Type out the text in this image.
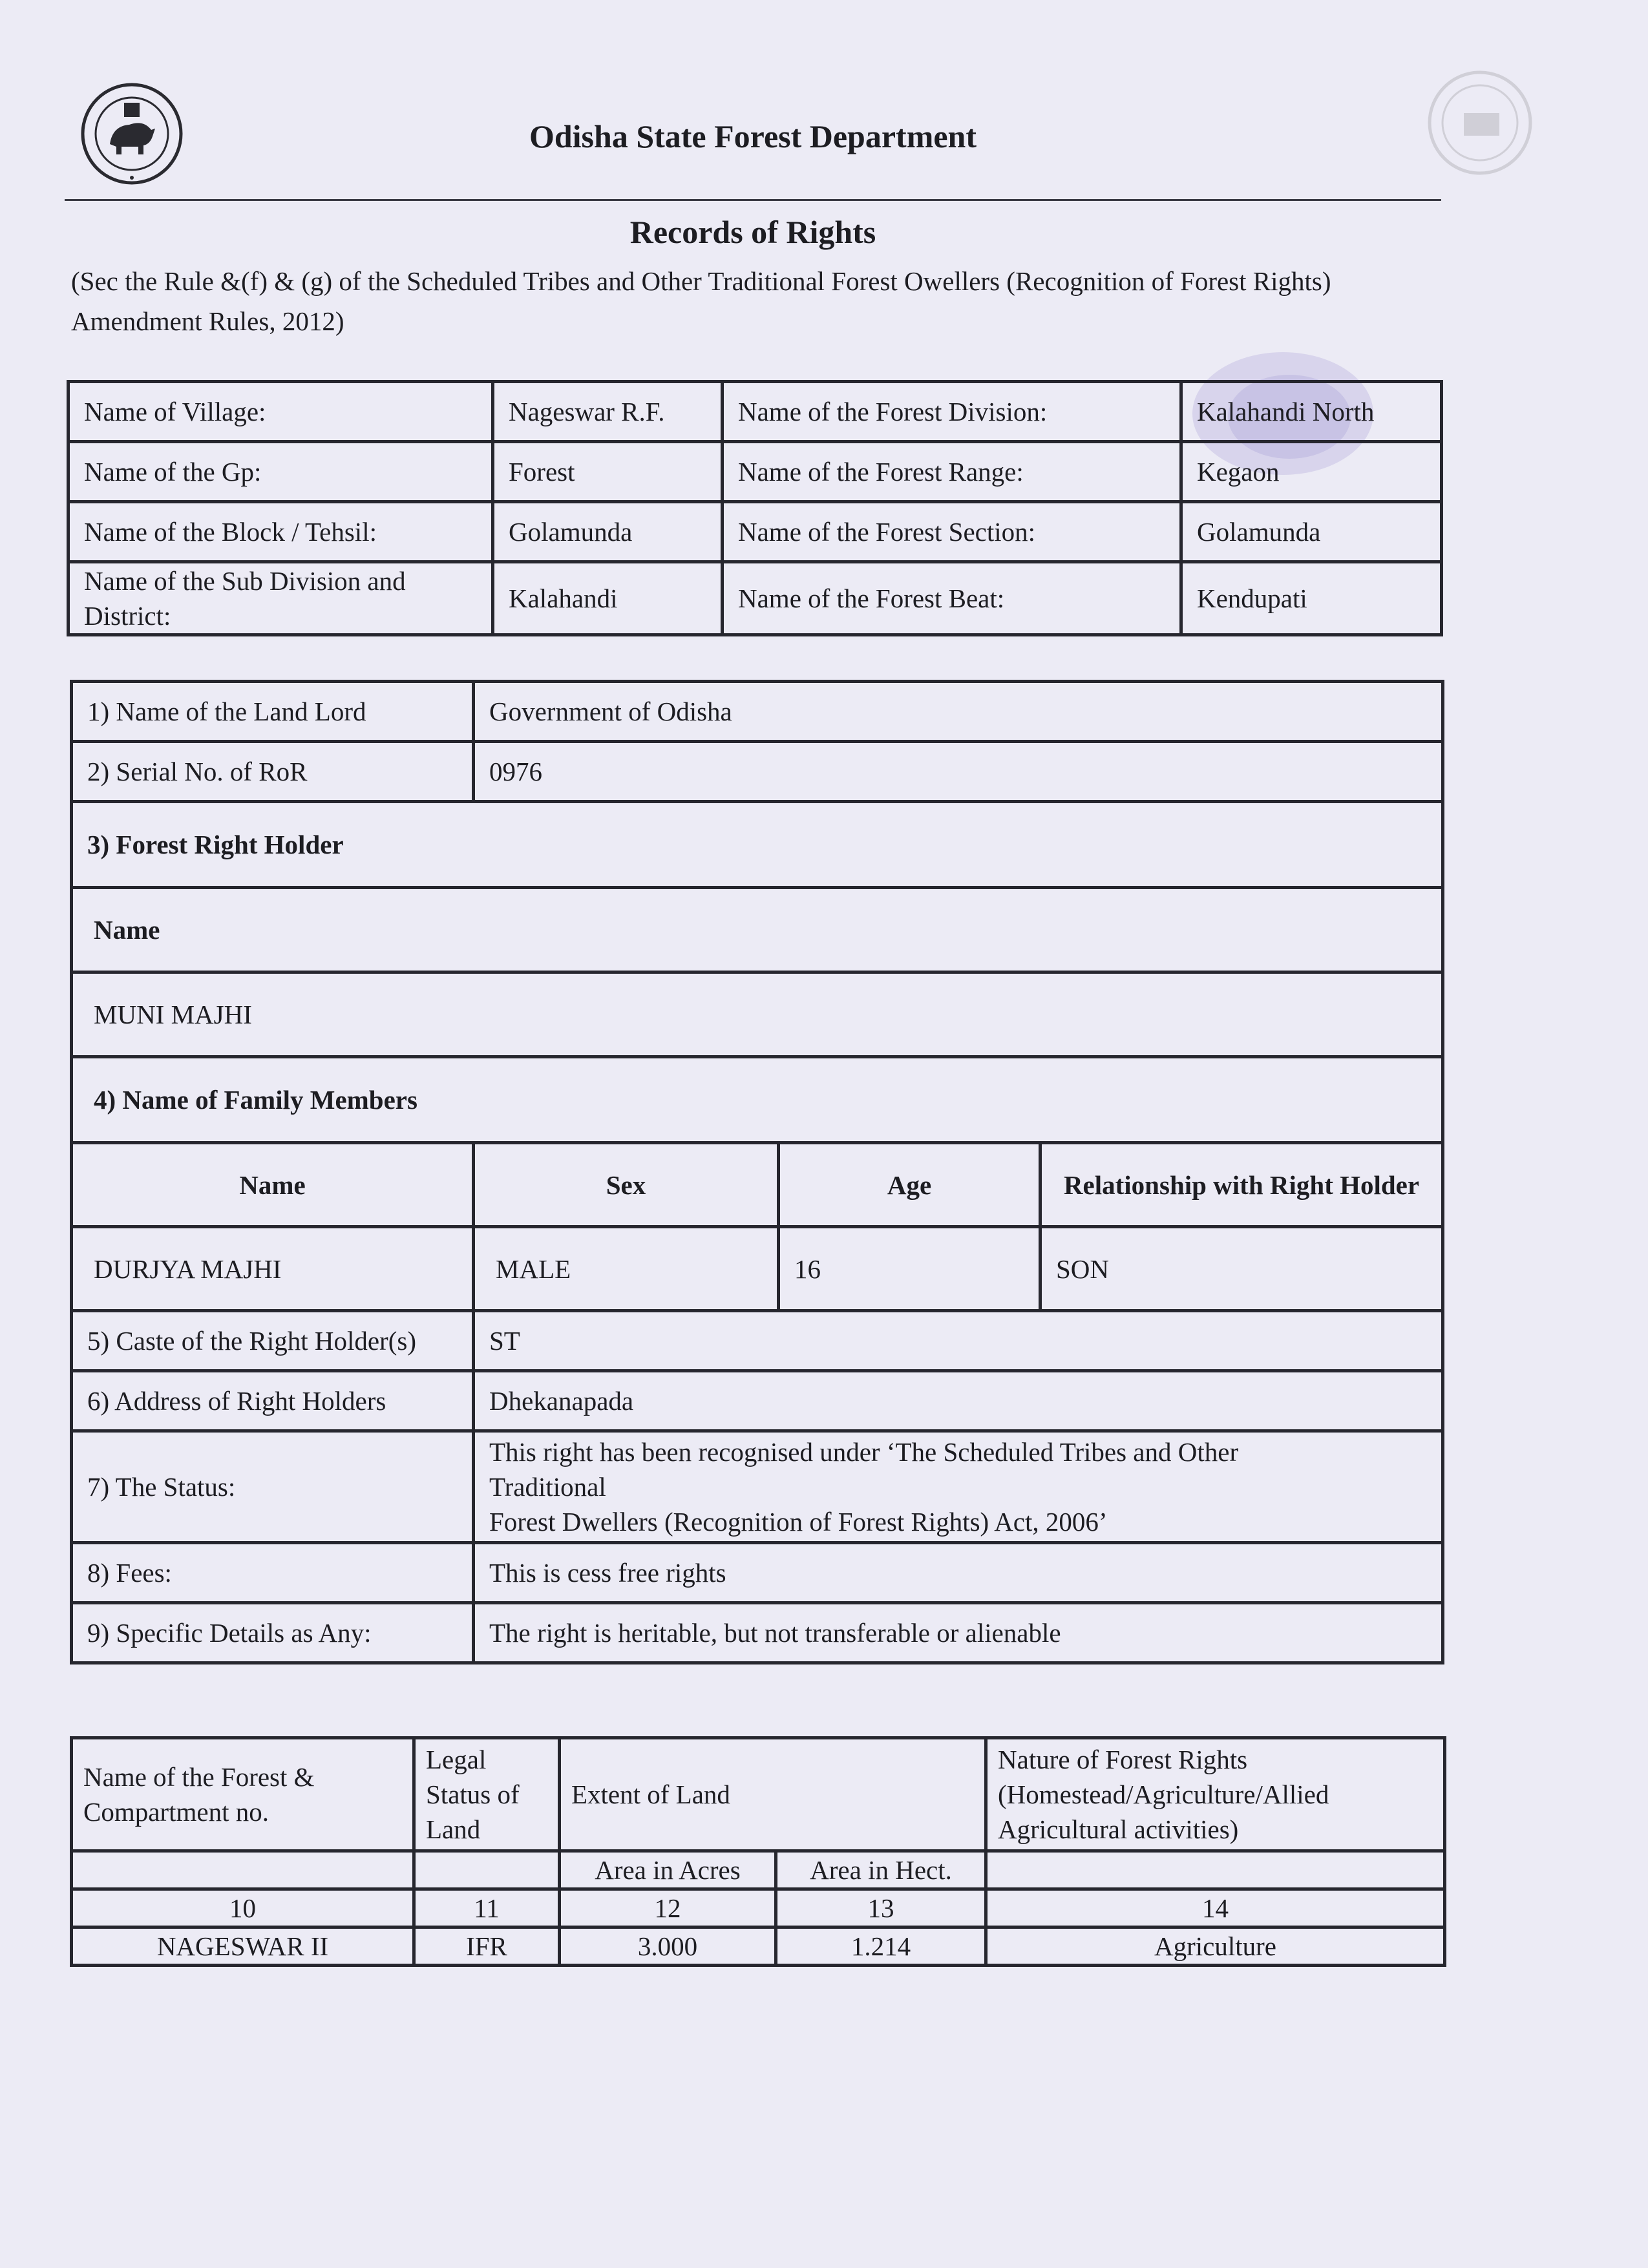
Odisha State Forest Department
Records of Rights
(Sec the Rule &(f) & (g) of the Scheduled Tribes and Other Traditional Forest Owellers (Recognition of Forest Rights) Amendment Rules, 2012)
Name of Village:	Nageswar R.F.	Name of the Forest Division:	Kalahandi North
Name of the Gp:	Forest	Name of the Forest Range:	Kegaon
Name of the Block / Tehsil:	Golamunda	Name of the Forest Section:	Golamunda
Name of the Sub Division and District:	Kalahandi	Name of the Forest Beat:	Kendupati
1) Name of the Land Lord	Government of Odisha		
2) Serial No. of RoR	0976		
3) Forest Right Holder			
Name			
MUNI MAJHI			
4) Name of Family Members			
Name	Sex	Age	Relationship with Right Holder
DURJYA MAJHI	MALE	16	SON
5) Caste of the Right Holder(s)	ST		
6) Address of Right Holders	Dhekanapada		
7) The Status:	This right has been recognised under ‘The Scheduled Tribes and Other
Traditional
Forest Dwellers (Recognition of Forest Rights) Act, 2006’		

8) Fees:	This is cess free rights		
9) Specific Details as Any:	The right is heritable, but not transferable or alienable		
Name of the Forest & Compartment no.	Legal Status of Land	Extent of Land		Nature of Forest Rights (Homestead/Agriculture/Allied Agricultural activities)
		Area in Acres	Area in Hect.	
10	11	12	13	14
NAGESWAR II	IFR	3.000	1.214	Agriculture
